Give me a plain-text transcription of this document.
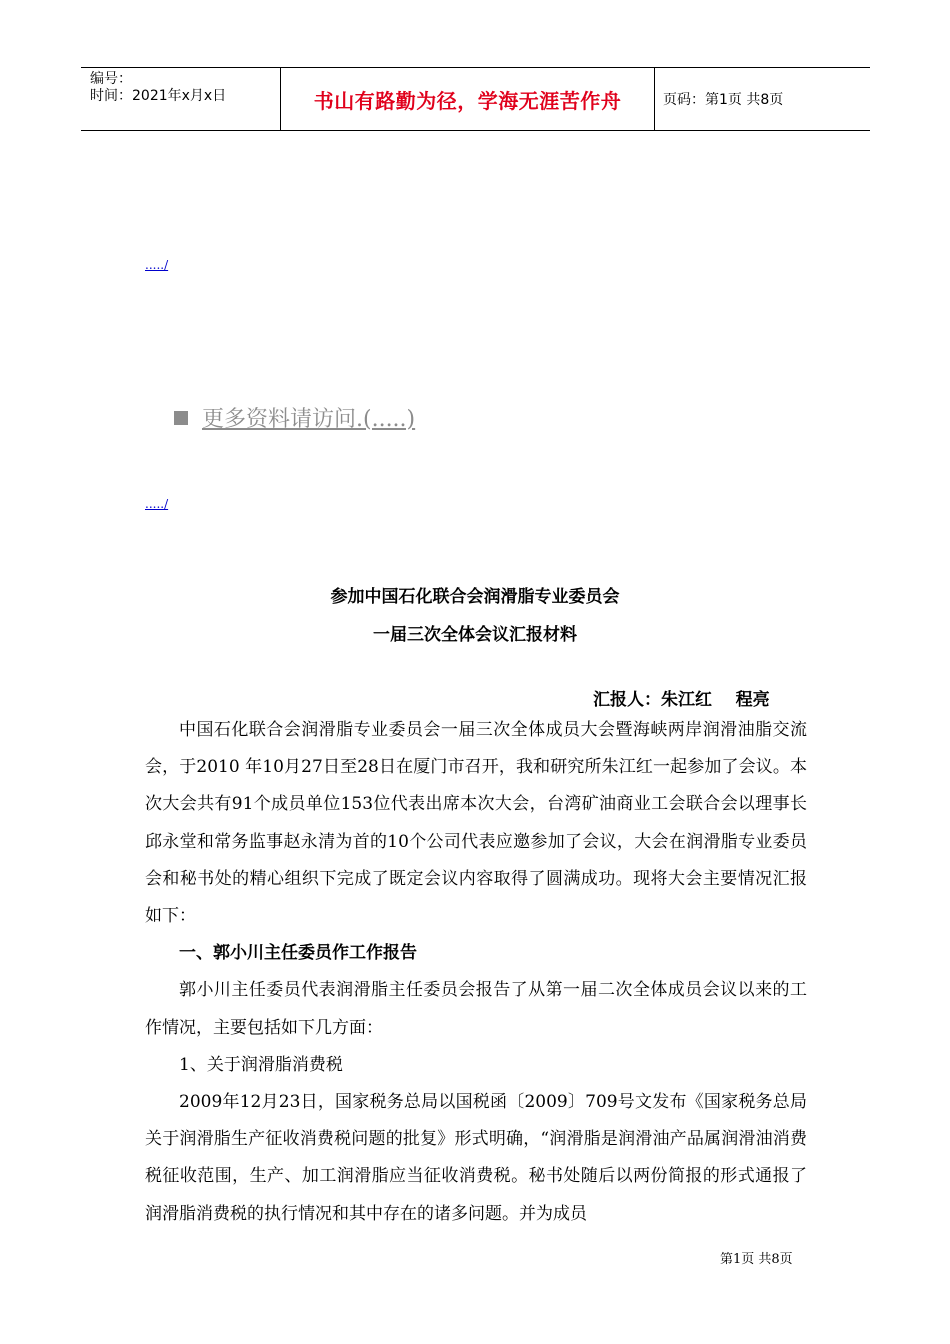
编号：
时间：2021年x月x日	书山有路勤为径，学海无涯苦作舟	页码：第1页 共8页
...../
更多资料请访问.(.....)
...../
参加中国石化联合会润滑脂专业委员会
一届三次全体会议汇报材料
汇报人：朱江红    程亮

中国石化联合会润滑脂专业委员会一届三次全体成员大会暨海峡两岸润滑油脂交流会，于2010 年10月27日至28日在厦门市召开，我和研究所朱江红一起参加了会议。本次大会共有91个成员单位153位代表出席本次大会，台湾矿油商业工会联合会以理事长邱永堂和常务监事赵永清为首的10个公司代表应邀参加了会议，大会在润滑脂专业委员会和秘书处的精心组织下完成了既定会议内容取得了圆满成功。现将大会主要情况汇报如下：

一、郭小川主任委员作工作报告

郭小川主任委员代表润滑脂主任委员会报告了从第一届二次全体成员会议以来的工作情况，主要包括如下几方面：

1、关于润滑脂消费税

2009年12月23日，国家税务总局以国税函〔2009〕709号文发布《国家税务总局关于润滑脂生产征收消费税问题的批复》形式明确，“润滑脂是润滑油产品属润滑油消费税征收范围，生产、加工润滑脂应当征收消费税。秘书处随后以两份简报的形式通报了润滑脂消费税的执行情况和其中存在的诸多问题。并为成员

第1页 共8页
